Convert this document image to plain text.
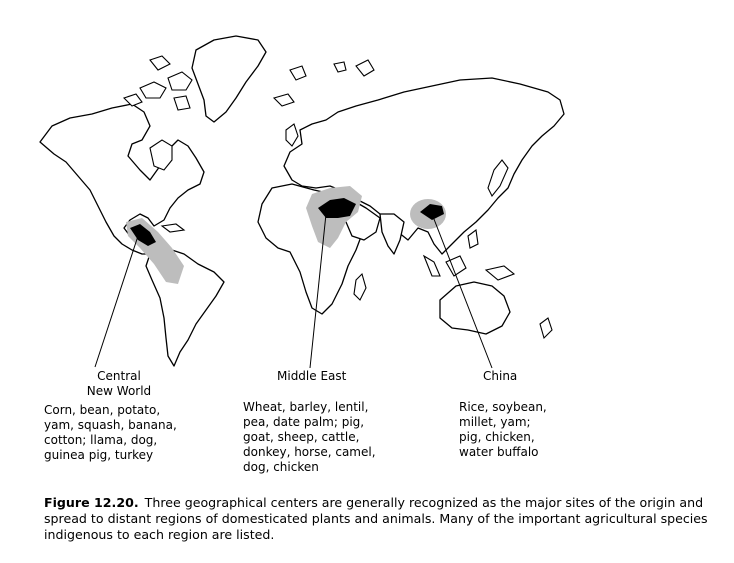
Central
New World
Corn, bean, potato,
yam, squash, banana,
cotton; llama, dog,
guinea pig, turkey
Middle East
Wheat, barley, lentil,
pea, date palm; pig,
goat, sheep, cattle,
donkey, horse, camel,
dog, chicken
China
Rice, soybean,
millet, yam;
pig, chicken,
water buffalo
Figure 12.20. Three geographical centers are generally recognized as the major sites of the origin and spread to distant regions of domesticated plants and animals. Many of the important agricultural species indigenous to each region are listed.
